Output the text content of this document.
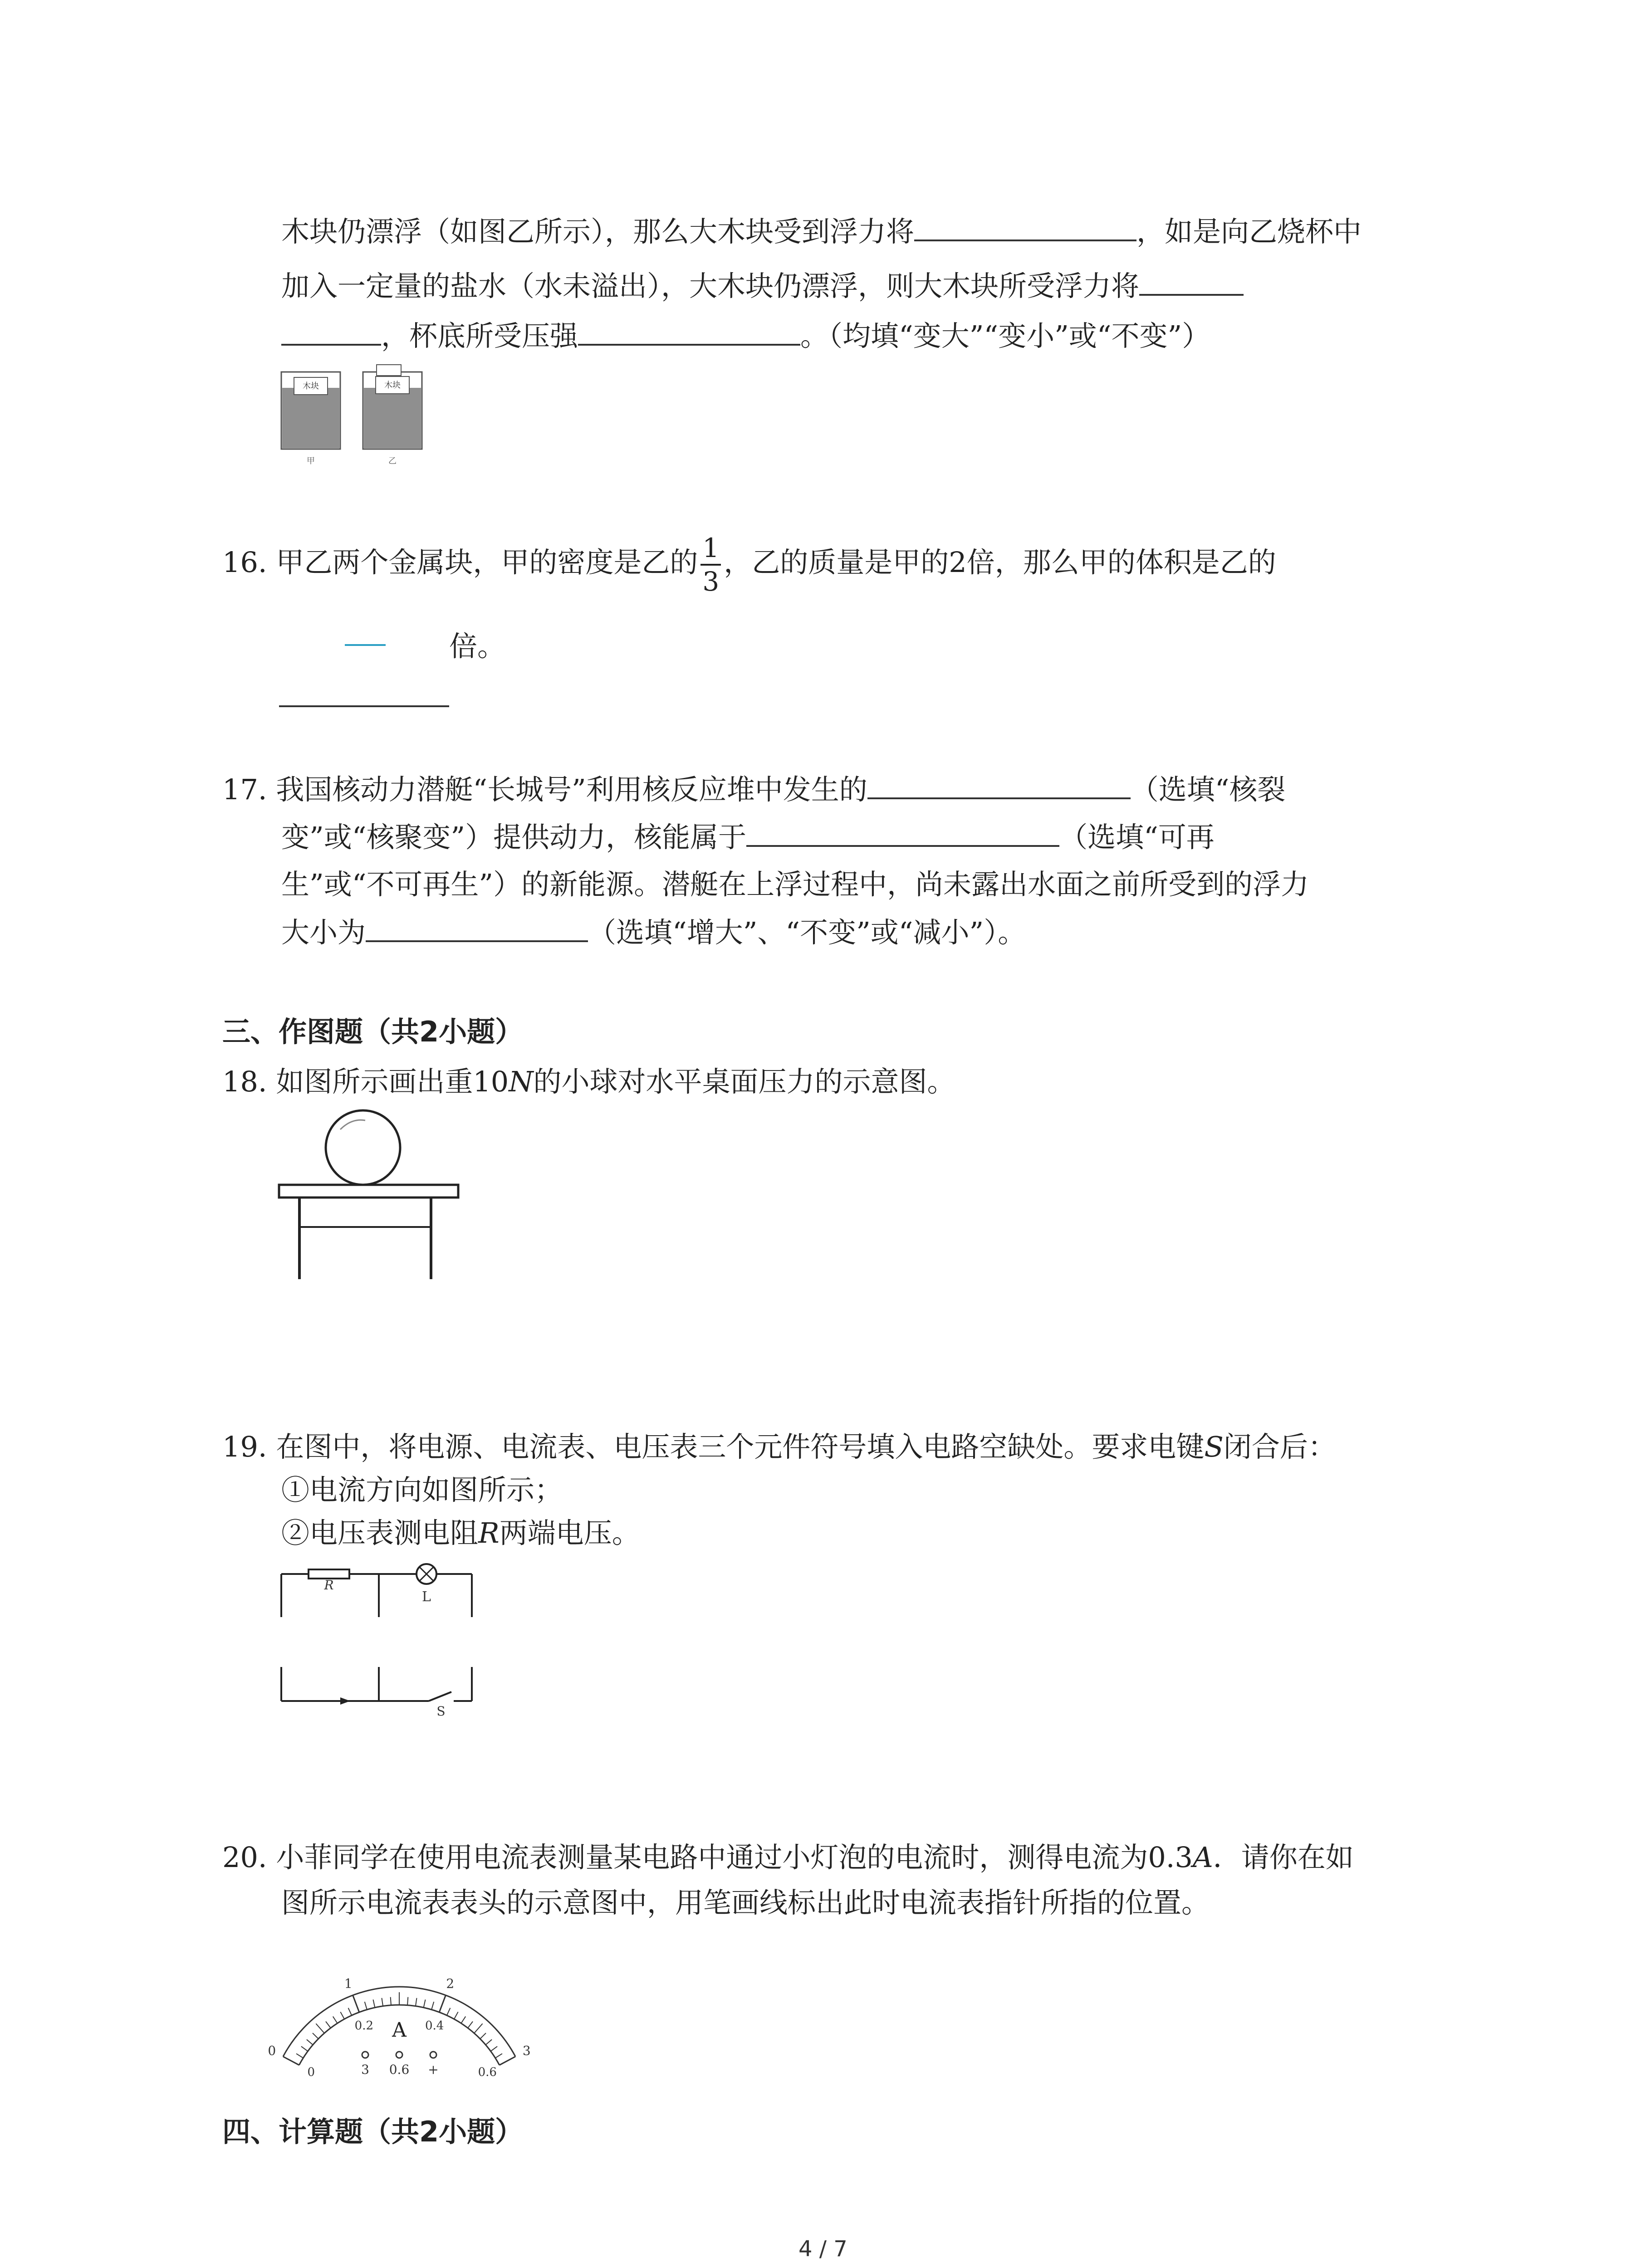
木块仍漂浮（如图乙所示），那么大木块受到浮力将	，如是向乙烧杯中
加入一定量的盐水（水未溢出），大木块仍漂浮，则大木块所受浮力将
，杯底所受压强	。（均填“变大”“变小”或“不变”）
木块
甲
木块
乙
16. 甲乙两个金属块，甲的密度是乙的 $\frac{1}{3}$ ，乙的质量是甲的2倍，那么甲的体积是乙的
倍。
17. 我国核动力潜艇“长城号”利用核反应堆中发生的	（选填“核裂
变”或“核聚变”）提供动力，核能属于	（选填“可再
生”或“不可再生”）的新能源。潜艇在上浮过程中，尚未露出水面之前所受到的浮力
大小为	（选填“增大”、“不变”或“减小”）。
三、作图题（共2小题）
18. 如图所示画出重10N的小球对水平桌面压力的示意图。
19. 在图中，将电源、电流表、电压表三个元件符号填入电路空缺处。要求电键S闭合后：
①电流方向如图所示；
②电压表测电阻R两端电压。
R
L
S
20. 小菲同学在使用电流表测量某电路中通过小灯泡的电流时，测得电流为0.3A．请你在如
图所示电流表表头的示意图中，用笔画线标出此时电流表指针所指的位置。
0
1	2
3
0
0.2	0.4
0.6
A
3 0.6 +
四、计算题（共2小题）
4 / 7
